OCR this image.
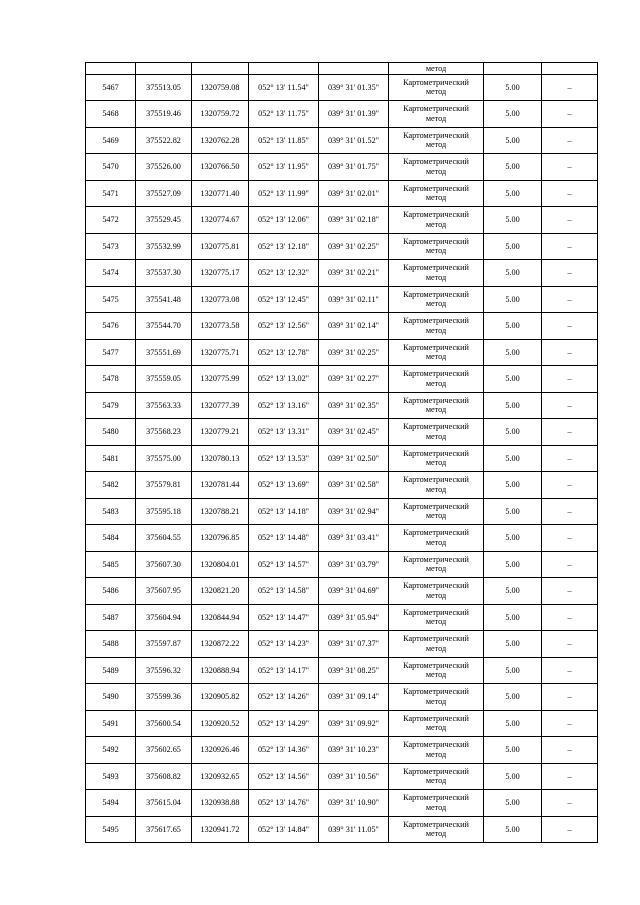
					метод		

5467	375513.05	1320759.08	052° 13' 11.54"	039° 31' 01.35"	Картометрический
метод	5.00	–
5468	375519.46	1320759.72	052° 13' 11.75"	039° 31' 01.39"	Картометрический
метод	5.00	–
5469	375522.82	1320762.28	052° 13' 11.85"	039° 31' 01.52"	Картометрический
метод	5.00	–
5470	375526.00	1320766.50	052° 13' 11.95"	039° 31' 01.75"	Картометрический
метод	5.00	–
5471	375527.09	1320771.40	052° 13' 11.99"	039° 31' 02.01"	Картометрический
метод	5.00	–
5472	375529.45	1320774.67	052° 13' 12.06"	039° 31' 02.18"	Картометрический
метод	5.00	–
5473	375532.99	1320775.81	052° 13' 12.18"	039° 31' 02.25"	Картометрический
метод	5.00	–
5474	375537.30	1320775.17	052° 13' 12.32"	039° 31' 02.21"	Картометрический
метод	5.00	–
5475	375541.48	1320773.08	052° 13' 12.45"	039° 31' 02.11"	Картометрический
метод	5.00	–
5476	375544.70	1320773.58	052° 13' 12.56"	039° 31' 02.14"	Картометрический
метод	5.00	–
5477	375551.69	1320775.71	052° 13' 12.78"	039° 31' 02.25"	Картометрический
метод	5.00	–
5478	375559.05	1320775.99	052° 13' 13.02"	039° 31' 02.27"	Картометрический
метод	5.00	–
5479	375563.33	1320777.39	052° 13' 13.16"	039° 31' 02.35"	Картометрический
метод	5.00	–
5480	375568.23	1320779.21	052° 13' 13.31"	039° 31' 02.45"	Картометрический
метод	5.00	–
5481	375575.00	1320780.13	052° 13' 13.53"	039° 31' 02.50"	Картометрический
метод	5.00	–
5482	375579.81	1320781.44	052° 13' 13.69"	039° 31' 02.58"	Картометрический
метод	5.00	–
5483	375595.18	1320788.21	052° 13' 14.18"	039° 31' 02.94"	Картометрический
метод	5.00	–
5484	375604.55	1320796.85	052° 13' 14.48"	039° 31' 03.41"	Картометрический
метод	5.00	–
5485	375607.30	1320804.01	052° 13' 14.57"	039° 31' 03.79"	Картометрический
метод	5.00	–
5486	375607.95	1320821.20	052° 13' 14.58"	039° 31' 04.69"	Картометрический
метод	5.00	–
5487	375604.94	1320844.94	052° 13' 14.47"	039° 31' 05.94"	Картометрический
метод	5.00	–
5488	375597.87	1320872.22	052° 13' 14.23"	039° 31' 07.37"	Картометрический
метод	5.00	–
5489	375596.32	1320888.94	052° 13' 14.17"	039° 31' 08.25"	Картометрический
метод	5.00	–
5490	375599.36	1320905.82	052° 13' 14.26"	039° 31' 09.14"	Картометрический
метод	5.00	–
5491	375600.54	1320920.52	052° 13' 14.29"	039° 31' 09.92"	Картометрический
метод	5.00	–
5492	375602.65	1320926.46	052° 13' 14.36"	039° 31' 10.23"	Картометрический
метод	5.00	–
5493	375608.82	1320932.65	052° 13' 14.56"	039° 31' 10.56"	Картометрический
метод	5.00	–
5494	375615.04	1320938.88	052° 13' 14.76"	039° 31' 10.90"	Картометрический
метод	5.00	–
5495	375617.65	1320941.72	052° 13' 14.84"	039° 31' 11.05"	Картометрический
метод	5.00	–
